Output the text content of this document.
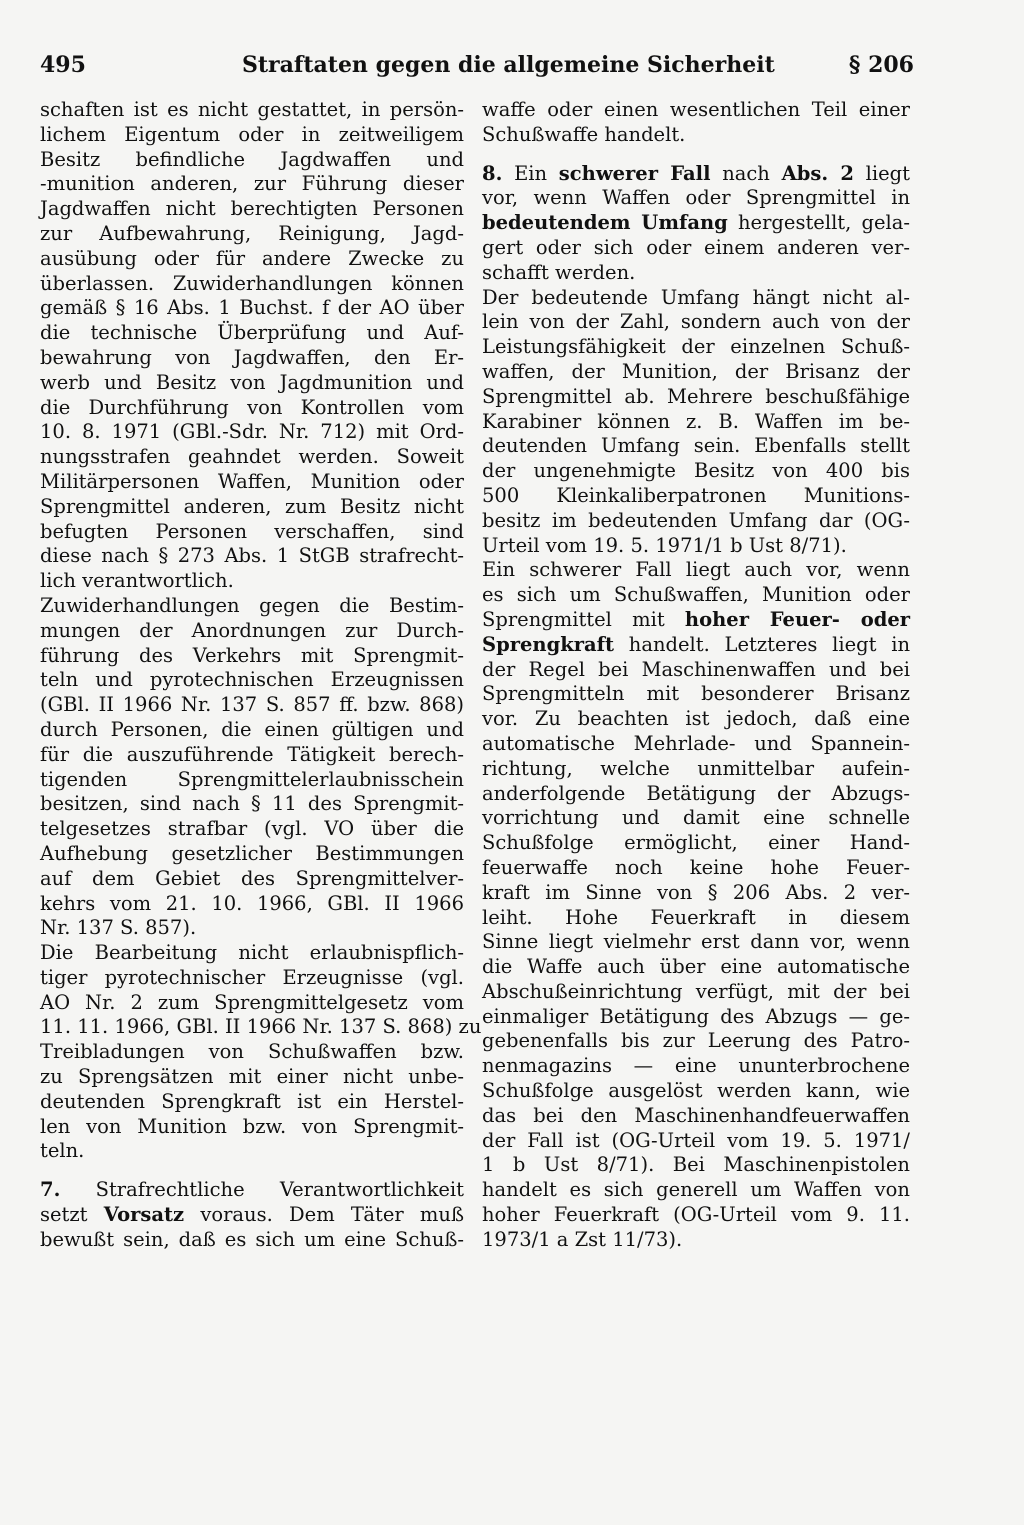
495	Straftaten gegen die allgemeine Sicherheit	§ 206
schaften ist es nicht gestattet, in persön-
lichem Eigentum oder in zeitweiligem
Besitz befindliche Jagdwaffen und
-munition anderen, zur Führung dieser
Jagdwaffen nicht berechtigten Personen
zur Aufbewahrung, Reinigung, Jagd-
ausübung oder für andere Zwecke zu
überlassen. Zuwiderhandlungen können
gemäß § 16 Abs. 1 Buchst. f der AO über
die technische Überprüfung und Auf-
bewahrung von Jagdwaffen, den Er-
werb und Besitz von Jagdmunition und
die Durchführung von Kontrollen vom
10. 8. 1971 (GBl.-Sdr. Nr. 712) mit Ord-
nungsstrafen geahndet werden. Soweit
Militärpersonen Waffen, Munition oder
Sprengmittel anderen, zum Besitz nicht
befugten Personen verschaffen, sind
diese nach § 273 Abs. 1 StGB strafrecht-
lich verantwortlich.
Zuwiderhandlungen gegen die Bestim-
mungen der Anordnungen zur Durch-
führung des Verkehrs mit Sprengmit-
teln und pyrotechnischen Erzeugnissen
(GBl. II 1966 Nr. 137 S. 857 ff. bzw. 868)
durch Personen, die einen gültigen und
für die auszuführende Tätigkeit berech-
tigenden Sprengmittelerlaubnisschein
besitzen, sind nach § 11 des Sprengmit-
telgesetzes strafbar (vgl. VO über die
Aufhebung gesetzlicher Bestimmungen
auf dem Gebiet des Sprengmittelver-
kehrs vom 21. 10. 1966, GBl. II 1966
Nr. 137 S. 857).
Die Bearbeitung nicht erlaubnispflich-
tiger pyrotechnischer Erzeugnisse (vgl.
AO Nr. 2 zum Sprengmittelgesetz vom
11. 11. 1966, GBl. II 1966 Nr. 137 S. 868) zu
Treibladungen von Schußwaffen bzw.
zu Sprengsätzen mit einer nicht unbe-
deutenden Sprengkraft ist ein Herstel-
len von Munition bzw. von Sprengmit-
teln.
7. Strafrechtliche Verantwortlichkeit
setzt Vorsatz voraus. Dem Täter muß
bewußt sein, daß es sich um eine Schuß-
waffe oder einen wesentlichen Teil einer
Schußwaffe handelt.
8. Ein schwerer Fall nach Abs. 2 liegt
vor, wenn Waffen oder Sprengmittel in
bedeutendem Umfang hergestellt, gela-
gert oder sich oder einem anderen ver-
schafft werden.
Der bedeutende Umfang hängt nicht al-
lein von der Zahl, sondern auch von der
Leistungsfähigkeit der einzelnen Schuß-
waffen, der Munition, der Brisanz der
Sprengmittel ab. Mehrere beschußfähige
Karabiner können z. B. Waffen im be-
deutenden Umfang sein. Ebenfalls stellt
der ungenehmigte Besitz von 400 bis
500 Kleinkaliberpatronen Munitions-
besitz im bedeutenden Umfang dar (OG-
Urteil vom 19. 5. 1971/1 b Ust 8/71).
Ein schwerer Fall liegt auch vor, wenn
es sich um Schußwaffen, Munition oder
Sprengmittel mit hoher Feuer- oder
Sprengkraft handelt. Letzteres liegt in
der Regel bei Maschinenwaffen und bei
Sprengmitteln mit besonderer Brisanz
vor. Zu beachten ist jedoch, daß eine
automatische Mehrlade- und Spannein-
richtung, welche unmittelbar aufein-
anderfolgende Betätigung der Abzugs-
vorrichtung und damit eine schnelle
Schußfolge ermöglicht, einer Hand-
feuerwaffe noch keine hohe Feuer-
kraft im Sinne von § 206 Abs. 2 ver-
leiht. Hohe Feuerkraft in diesem
Sinne liegt vielmehr erst dann vor, wenn
die Waffe auch über eine automatische
Abschußeinrichtung verfügt, mit der bei
einmaliger Betätigung des Abzugs — ge-
gebenenfalls bis zur Leerung des Patro-
nenmagazins — eine ununterbrochene
Schußfolge ausgelöst werden kann, wie
das bei den Maschinenhandfeuerwaffen
der Fall ist (OG-Urteil vom 19. 5. 1971/
1 b Ust 8/71). Bei Maschinenpistolen
handelt es sich generell um Waffen von
hoher Feuerkraft (OG-Urteil vom 9. 11.
1973/1 a Zst 11/73).
